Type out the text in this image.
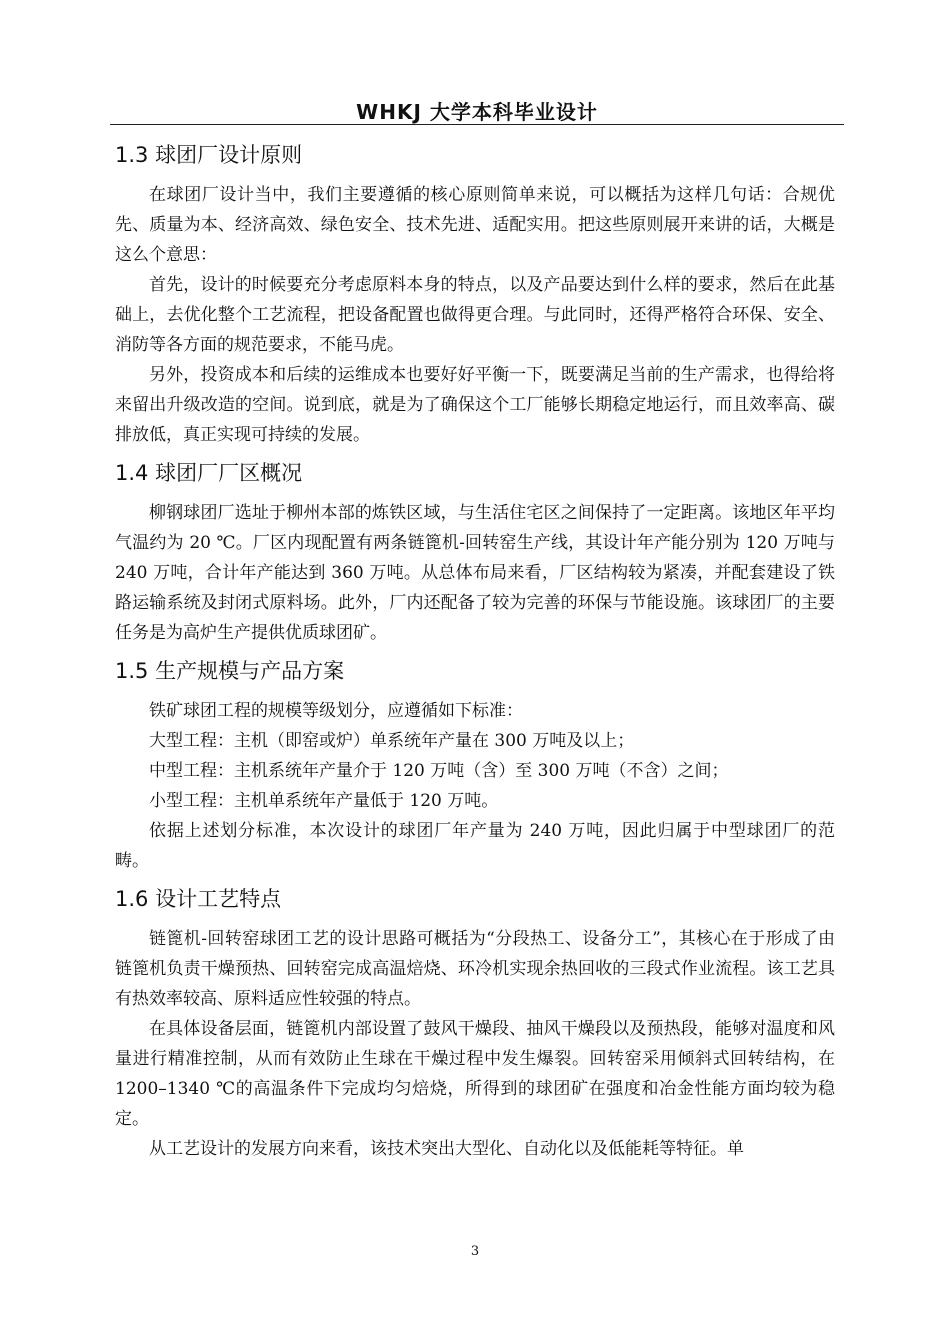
WHKJ 大学本科毕业设计
1.3 球团厂设计原则

在球团厂设计当中，我们主要遵循的核心原则简单来说，可以概括为这样几句话：合规优先、质量为本、经济高效、绿色安全、技术先进、适配实用。把这些原则展开来讲的话，大概是这么个意思：

首先，设计的时候要充分考虑原料本身的特点，以及产品要达到什么样的要求，然后在此基础上，去优化整个工艺流程，把设备配置也做得更合理。与此同时，还得严格符合环保、安全、消防等各方面的规范要求，不能马虎。

另外，投资成本和后续的运维成本也要好好平衡一下，既要满足当前的生产需求，也得给将来留出升级改造的空间。说到底，就是为了确保这个工厂能够长期稳定地运行，而且效率高、碳排放低，真正实现可持续的发展。

1.4 球团厂厂区概况

柳钢球团厂选址于柳州本部的炼铁区域，与生活住宅区之间保持了一定距离。该地区年平均气温约为 20 ℃。厂区内现配置有两条链篦机-回转窑生产线，其设计年产能分别为 120 万吨与 240 万吨，合计年产能达到 360 万吨。从总体布局来看，厂区结构较为紧凑，并配套建设了铁路运输系统及封闭式原料场。此外，厂内还配备了较为完善的环保与节能设施。该球团厂的主要任务是为高炉生产提供优质球团矿。

1.5 生产规模与产品方案

铁矿球团工程的规模等级划分，应遵循如下标准：

大型工程：主机（即窑或炉）单系统年产量在 300 万吨及以上；

中型工程：主机系统年产量介于 120 万吨（含）至 300 万吨（不含）之间；

小型工程：主机单系统年产量低于 120 万吨。

依据上述划分标准，本次设计的球团厂年产量为 240 万吨，因此归属于中型球团厂的范畴。

1.6 设计工艺特点

链篦机-回转窑球团工艺的设计思路可概括为“分段热工、设备分工”，其核心在于形成了由链篦机负责干燥预热、回转窑完成高温焙烧、环冷机实现余热回收的三段式作业流程。该工艺具有热效率较高、原料适应性较强的特点。

在具体设备层面，链篦机内部设置了鼓风干燥段、抽风干燥段以及预热段，能够对温度和风量进行精准控制，从而有效防止生球在干燥过程中发生爆裂。回转窑采用倾斜式回转结构，在 1200–1340 ℃的高温条件下完成均匀焙烧，所得到的球团矿在强度和冶金性能方面均较为稳定。

从工艺设计的发展方向来看，该技术突出大型化、自动化以及低能耗等特征。单

3
